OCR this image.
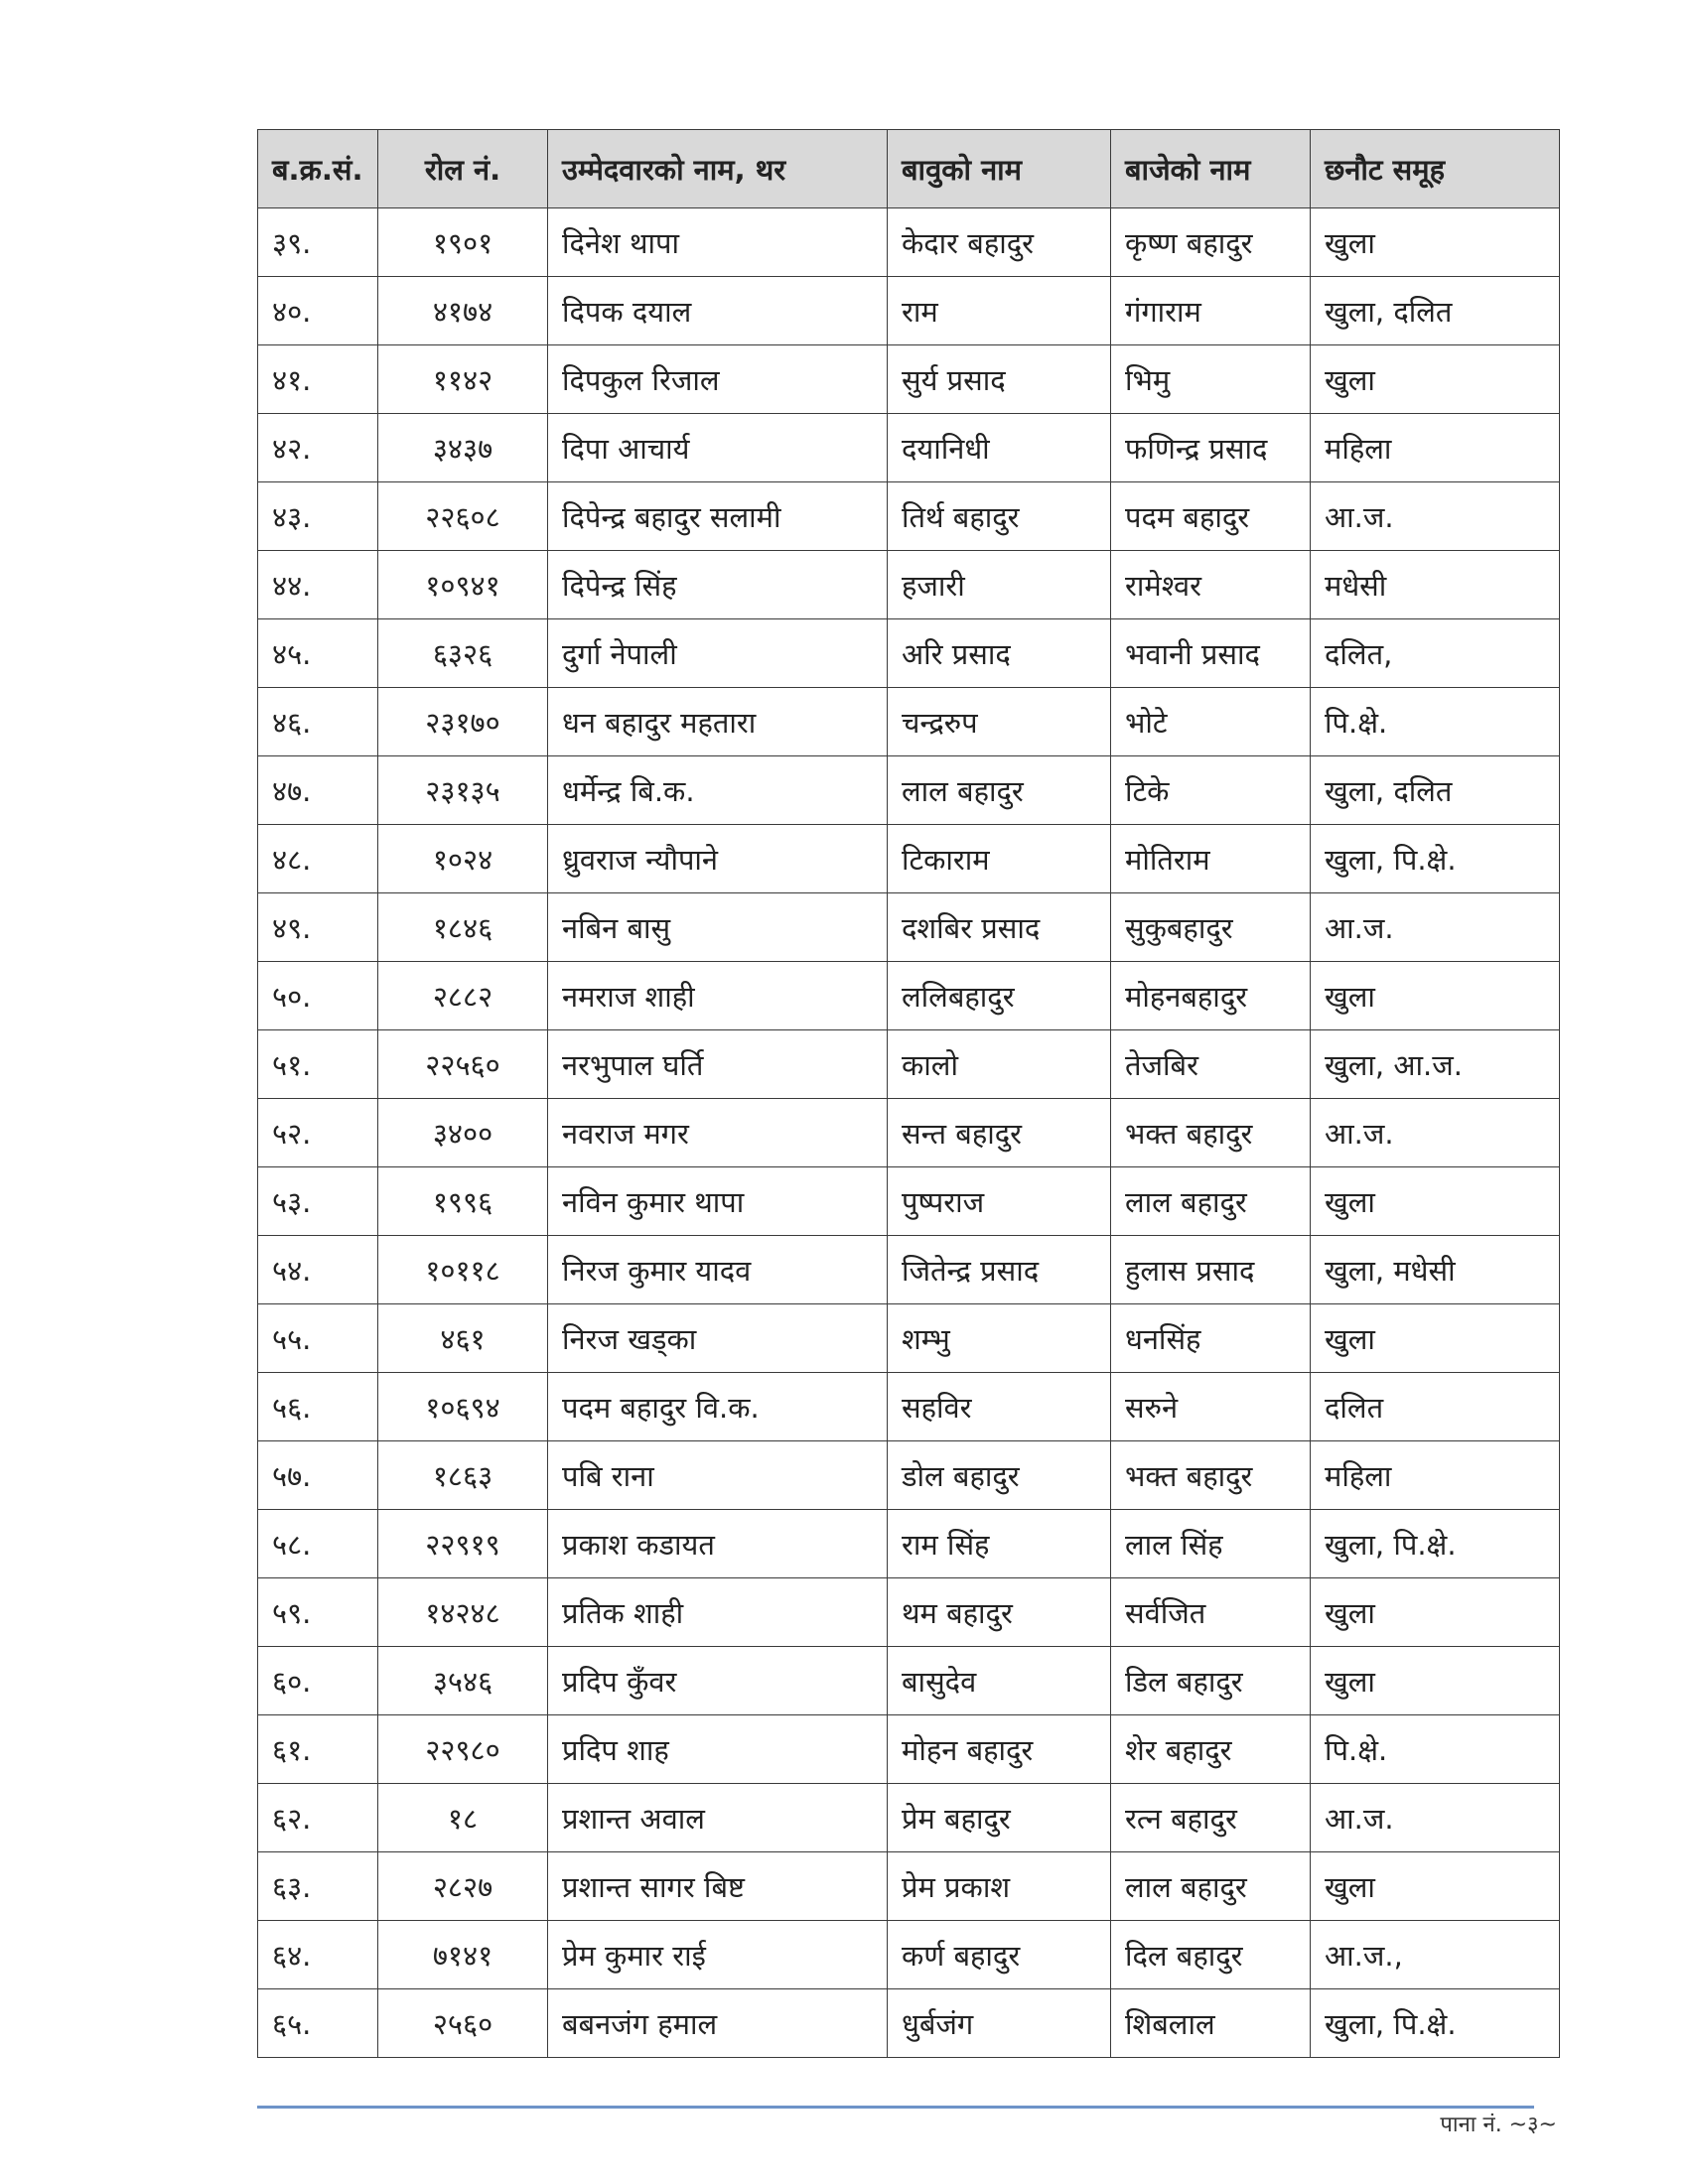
ब.क्र.सं.	रोल नं.	उम्मेदवारको नाम, थर	बावुको नाम	बाजेको नाम	छनौट समूह
३९.	१९०१	दिनेश थापा	केदार बहादुर	कृष्ण बहादुर	खुला
४०.	४१७४	दिपक दयाल	राम	गंगाराम	खुला, दलित
४१.	११४२	दिपकुल रिजाल	सुर्य प्रसाद	भिमु	खुला
४२.	३४३७	दिपा आचार्य	दयानिधी	फणिन्द्र प्रसाद	महिला
४३.	२२६०८	दिपेन्द्र बहादुर सलामी	तिर्थ बहादुर	पदम बहादुर	आ.ज.
४४.	१०९४१	दिपेन्द्र सिंह	हजारी	रामेश्वर	मधेसी
४५.	६३२६	दुर्गा नेपाली	अरि प्रसाद	भवानी प्रसाद	दलित,
४६.	२३१७०	धन बहादुर महतारा	चन्द्ररुप	भोटे	पि.क्षे.
४७.	२३१३५	धर्मेन्द्र बि.क.	लाल बहादुर	टिके	खुला, दलित
४८.	१०२४	ध्रुवराज न्यौपाने	टिकाराम	मोतिराम	खुला, पि.क्षे.
४९.	१८४६	नबिन बासु	दशबिर प्रसाद	सुकुबहादुर	आ.ज.
५०.	२८८२	नमराज शाही	ललिबहादुर	मोहनबहादुर	खुला
५१.	२२५६०	नरभुपाल घर्ति	कालो	तेजबिर	खुला, आ.ज.
५२.	३४००	नवराज मगर	सन्त बहादुर	भक्त बहादुर	आ.ज.
५३.	१९९६	नविन कुमार थापा	पुष्पराज	लाल बहादुर	खुला
५४.	१०११८	निरज कुमार यादव	जितेन्द्र प्रसाद	हुलास प्रसाद	खुला, मधेसी
५५.	४६१	निरज खड्का	शम्भु	धनसिंह	खुला
५६.	१०६९४	पदम बहादुर वि.क.	सहविर	सरुने	दलित
५७.	१८६३	पबि राना	डोल बहादुर	भक्त बहादुर	महिला
५८.	२२९१९	प्रकाश कडायत	राम सिंह	लाल सिंह	खुला, पि.क्षे.
५९.	१४२४८	प्रतिक शाही	थम बहादुर	सर्वजित	खुला
६०.	३५४६	प्रदिप कुँवर	बासुदेव	डिल बहादुर	खुला
६१.	२२९८०	प्रदिप शाह	मोहन बहादुर	शेर बहादुर	पि.क्षे.
६२.	१८	प्रशान्त अवाल	प्रेम बहादुर	रत्न बहादुर	आ.ज.
६३.	२८२७	प्रशान्त सागर बिष्ट	प्रेम प्रकाश	लाल बहादुर	खुला
६४.	७१४१	प्रेम कुमार राई	कर्ण बहादुर	दिल बहादुर	आ.ज.,
६५.	२५६०	बबनजंग हमाल	धुर्बजंग	शिबलाल	खुला, पि.क्षे.
पाना नं. ~३~
